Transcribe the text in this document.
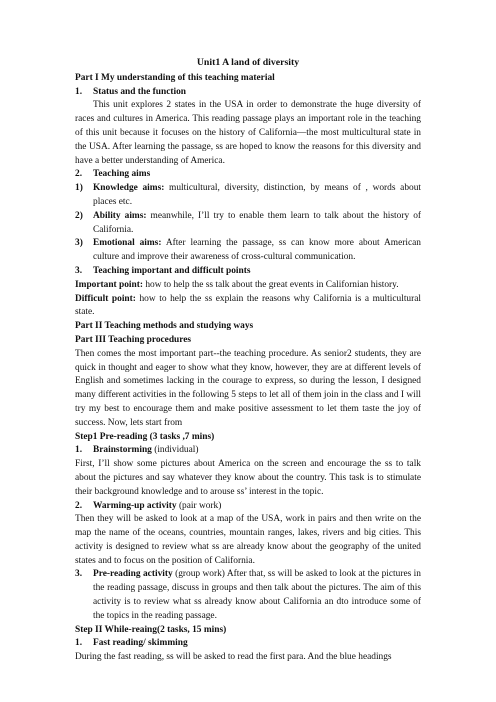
Unit1 A land of diversity

Part I My understanding of this teaching material

1.	Status and the function

This unit explores 2 states in the USA in order to demonstrate the huge diversity of races and cultures in America. This reading passage plays an important role in the teaching of this unit because it focuses on the history of California—the most multicultural state in the USA. After learning the passage, ss are hoped to know the reasons for this diversity and have a better understanding of America.

2.	Teaching aims
1)	Knowledge aims: multicultural, diversity, distinction, by means of , words about places etc.
2)	Ability aims: meanwhile, I’ll try to enable them learn to talk about the history of California.
3)	Emotional aims: After learning the passage, ss can know more about American culture and improve their awareness of cross-cultural communication.
3.	Teaching important and difficult points

Important point: how to help the ss talk about the great events in Californian history.

Difficult point: how to help the ss explain the reasons why California is a multicultural state.

Part II Teaching methods and studying ways

Part III Teaching procedures

Then comes the most important part--the teaching procedure. As senior2 students, they are quick in thought and eager to show what they know, however, they are at different levels of English and sometimes lacking in the courage to express, so during the lesson, I designed many different activities in the following 5 steps to let all of them join in the class and I will try my best to encourage them and make positive assessment to let them taste the joy of success. Now, lets start from

Step1 Pre-reading (3 tasks ,7 mins)

1.	Brainstorming (individual)

First, I’ll show some pictures about America on the screen and encourage the ss to talk about the pictures and say whatever they know about the country. This task is to stimulate their background knowledge and to arouse ss’ interest in the topic.

2.	Warming-up activity (pair work)

Then they will be asked to look at a map of the USA, work in pairs and then write on the map the name of the oceans, countries, mountain ranges, lakes, rivers and big cities. This activity is designed to review what ss are already know about the geography of the united states and to focus on the position of California.

3.	Pre-reading activity (group work) After that, ss will be asked to look at the pictures in the reading passage, discuss in groups and then talk about the pictures. The aim of this activity is to review what ss already know about California an dto introduce some of the topics in the reading passage.

Step II While-reaing(2 tasks, 15 mins)

1.	Fast reading/ skimming

During the fast reading, ss will be asked to read the first para. And the blue headings
